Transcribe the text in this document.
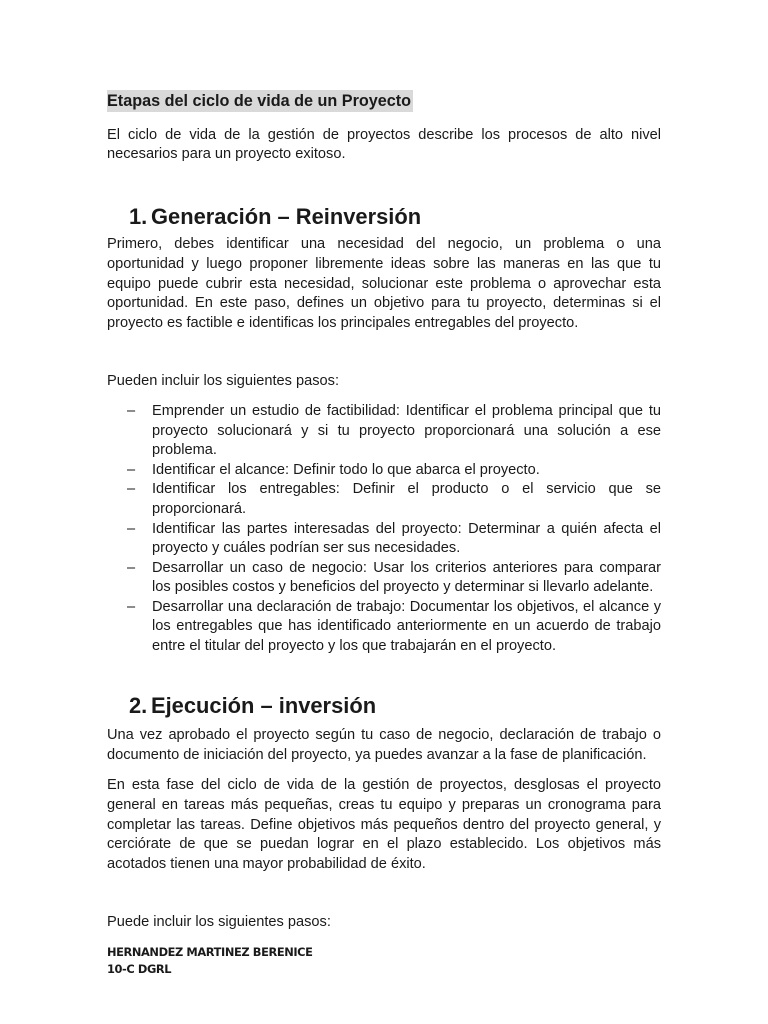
Etapas del ciclo de vida de un Proyecto

El ciclo de vida de la gestión de proyectos describe los procesos de alto nivel necesarios para un proyecto exitoso.

1. Generación – Reinversión

Primero, debes identificar una necesidad del negocio, un problema o una oportunidad y luego proponer libremente ideas sobre las maneras en las que tu equipo puede cubrir esta necesidad, solucionar este problema o aprovechar esta oportunidad. En este paso, defines un objetivo para tu proyecto, determinas si el proyecto es factible e identificas los principales entregables del proyecto.

Pueden incluir los siguientes pasos:

– Emprender un estudio de factibilidad: Identificar el problema principal que tu proyecto solucionará y si tu proyecto proporcionará una solución a ese problema.
– Identificar el alcance: Definir todo lo que abarca el proyecto.
– Identificar los entregables: Definir el producto o el servicio que se proporcionará.
– Identificar las partes interesadas del proyecto: Determinar a quién afecta el proyecto y cuáles podrían ser sus necesidades.
– Desarrollar un caso de negocio: Usar los criterios anteriores para comparar los posibles costos y beneficios del proyecto y determinar si llevarlo adelante.
– Desarrollar una declaración de trabajo: Documentar los objetivos, el alcance y los entregables que has identificado anteriormente en un acuerdo de trabajo entre el titular del proyecto y los que trabajarán en el proyecto.
2. Ejecución – inversión

Una vez aprobado el proyecto según tu caso de negocio, declaración de trabajo o documento de iniciación del proyecto, ya puedes avanzar a la fase de planificación.

En esta fase del ciclo de vida de la gestión de proyectos, desglosas el proyecto general en tareas más pequeñas, creas tu equipo y preparas un cronograma para completar las tareas. Define objetivos más pequeños dentro del proyecto general, y cerciórate de que se puedan lograr en el plazo establecido. Los objetivos más acotados tienen una mayor probabilidad de éxito.

Puede incluir los siguientes pasos:

HERNANDEZ MARTINEZ BERENICE
10-C DGRL
